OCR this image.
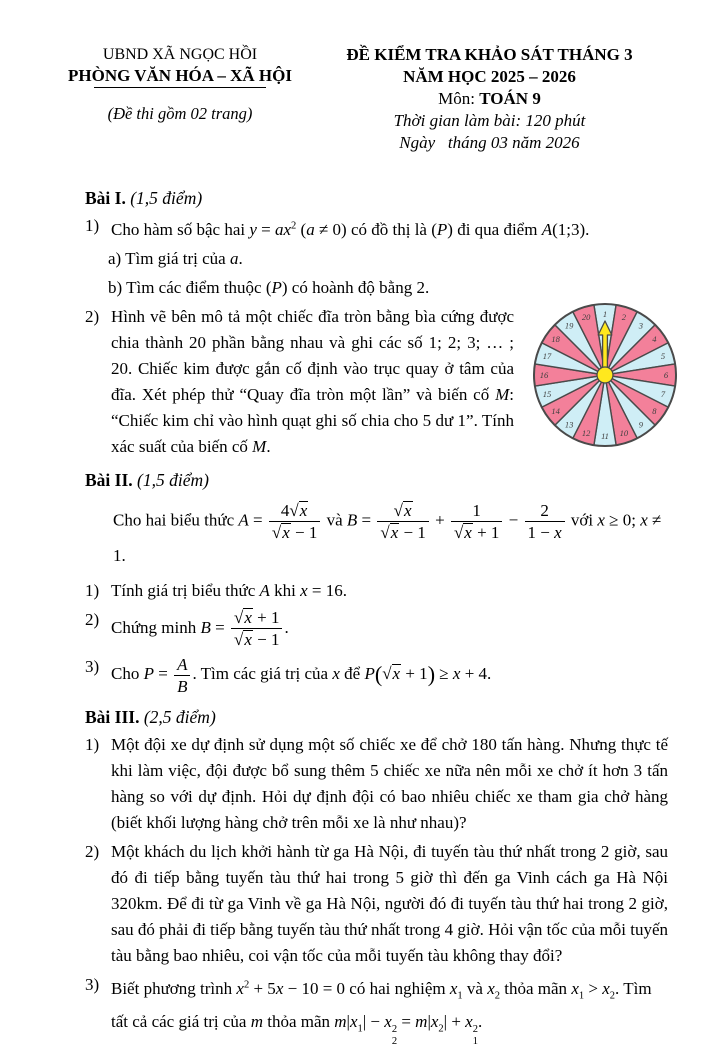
UBND XÃ NGỌC HỒI
PHÒNG VĂN HÓA – XÃ HỘI
(Đề thi gồm 02 trang)
ĐỀ KIỂM TRA KHẢO SÁT THÁNG 3
NĂM HỌC 2025 – 2026
Môn: TOÁN 9
Thời gian làm bài: 120 phút
Ngày   tháng 03 năm 2026
Bài I. (1,5 điểm)
1) Cho hàm số bậc hai $y = ax^2$ (a ≠ 0) có đồ thị là (P) đi qua điểm A(1;3).
a) Tìm giá trị của a.
b) Tìm các điểm thuộc (P) có hoành độ bằng 2.
1 2
3
4
5
6
7
8
9
10
11
12
13
14
15
16
17
18
19
20
2) Hình vẽ bên mô tả một chiếc đĩa tròn bằng bìa cứng được chia thành 20 phần bằng nhau và ghi các số 1; 2; 3; … ; 20. Chiếc kim được gắn cố định vào trục quay ở tâm của đĩa. Xét phép thử “Quay đĩa tròn một lần” và biến cố M: “Chiếc kim chỉ vào hình quạt ghi số chia cho 5 dư 1”. Tính xác suất của biến cố M.
Bài II. (1,5 điểm)
Cho hai biểu thức $A = \frac{4√x}{√x - 1}$ và $B = \frac{√x}{√x - 1} + \frac{1}{√x + 1} - \frac{2}{1 - x}$ với x ≥ 0; x ≠ 1.
1) Tính giá trị biểu thức A khi x = 16.
2) Chứng minh $B = \frac{√x + 1}{√x - 1}$ .
3) Cho $P = \frac{A}{B}$ . Tìm các giá trị của x để P(√x + 1) ≥ x + 4.
Bài III. (2,5 điểm)
1) Một đội xe dự định sử dụng một số chiếc xe để chở 180 tấn hàng. Nhưng thực tế khi làm việc, đội được bổ sung thêm 5 chiếc xe nữa nên mỗi xe chở ít hơn 3 tấn hàng so với dự định. Hỏi dự định đội có bao nhiêu chiếc xe tham gia chở hàng (biết khối lượng hàng chở trên mỗi xe là như nhau)?
2) Một khách du lịch khởi hành từ ga Hà Nội, đi tuyến tàu thứ nhất trong 2 giờ, sau đó đi tiếp bằng tuyến tàu thứ hai trong 5 giờ thì đến ga Vinh cách ga Hà Nội 320km. Để đi từ ga Vinh về ga Hà Nội, người đó đi tuyến tàu thứ hai trong 2 giờ, sau đó phải đi tiếp bằng tuyến tàu thứ nhất trong 4 giờ. Hỏi vận tốc của mỗi tuyến tàu bằng bao nhiêu, coi vận tốc của mỗi tuyến tàu không thay đổi?
3) Biết phương trình $x^2 + 5x - 10 = 0$ có hai nghiệm $x_1$ và $x_2$ thỏa mãn $x_1 > x_2$. Tìm tất cả các giá trị của m thỏa mãn $m|x_1| - x$ 2
2
= $m|x_2| + x$ 2
1
.
